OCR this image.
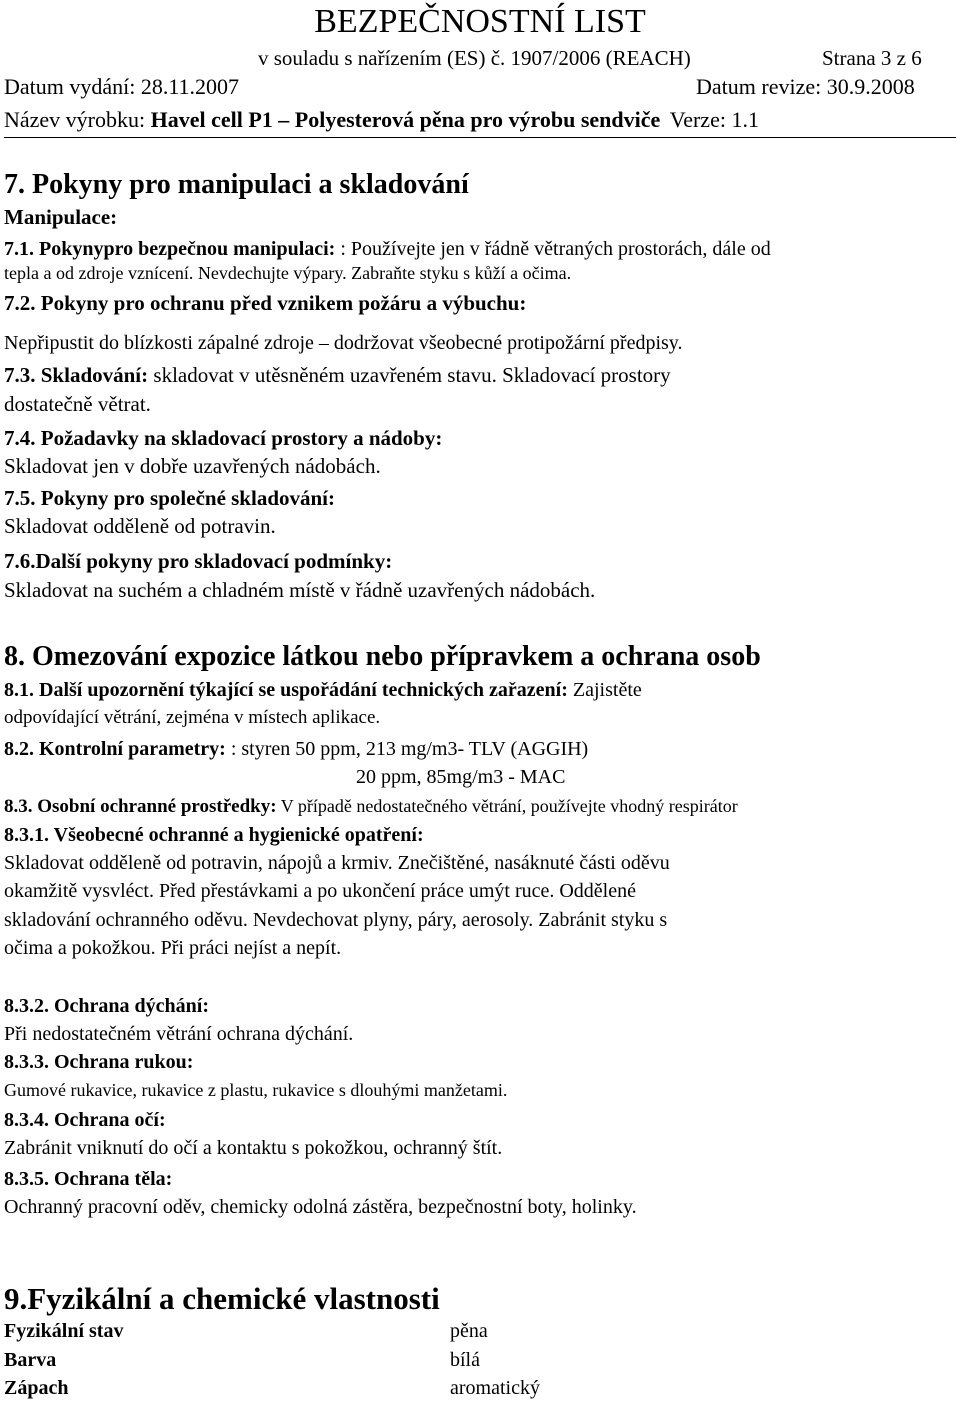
BEZPEČNOSTNÍ LIST
v souladu s nařízením (ES) č. 1907/2006 (REACH)	Strana 3 z 6
Datum vydání: 28.11.2007	Datum revize: 30.9.2008
Název výrobku: Havel cell P1 – Polyesterová pěna pro výrobu sendviče Verze: 1.1
7. Pokyny pro manipulaci a skladování
Manipulace:
7.1. Pokynypro bezpečnou manipulaci: : Používejte jen v řádně větraných prostorách, dále od
tepla a od zdroje vznícení. Nevdechujte výpary. Zabraňte styku s kůží a očima.
7.2. Pokyny pro ochranu před vznikem požáru a výbuchu:
Nepřipustit do blízkosti zápalné zdroje – dodržovat všeobecné protipožární předpisy.
7.3. Skladování: skladovat v utěsněném uzavřeném stavu. Skladovací prostory
dostatečně větrat.
7.4. Požadavky na skladovací prostory a nádoby:
Skladovat jen v dobře uzavřených nádobách.
7.5. Pokyny pro společné skladování:
Skladovat odděleně od potravin.
7.6.Další pokyny pro skladovací podmínky:
Skladovat na suchém a chladném místě v řádně uzavřených nádobách.
8. Omezování expozice látkou nebo přípravkem a ochrana osob
8.1. Další upozornění týkající se uspořádání technických zařazení: Zajistěte
odpovídající větrání, zejména v místech aplikace.
8.2. Kontrolní parametry: : styren 50 ppm, 213 mg/m3- TLV (AGGIH)
20 ppm, 85mg/m3 - MAC
8.3. Osobní ochranné prostředky: V případě nedostatečného větrání, používejte vhodný respirátor
8.3.1. Všeobecné ochranné a hygienické opatření:
Skladovat odděleně od potravin, nápojů a krmiv. Znečištěné, nasáknuté části oděvu
okamžitě vysvléct. Před přestávkami a po ukončení práce umýt ruce. Oddělené
skladování ochranného oděvu. Nevdechovat plyny, páry, aerosoly. Zabránit styku s
očima a pokožkou. Při práci nejíst a nepít.
8.3.2. Ochrana dýchání:
Při nedostatečném větrání ochrana dýchání.
8.3.3. Ochrana rukou:
Gumové rukavice, rukavice z plastu, rukavice s dlouhými manžetami.
8.3.4. Ochrana očí:
Zabránit vniknutí do očí a kontaktu s pokožkou, ochranný štít.
8.3.5. Ochrana těla:
Ochranný pracovní oděv, chemicky odolná zástěra, bezpečnostní boty, holinky.
9.Fyzikální a chemické vlastnosti
Fyzikální stav	pěna
Barva	bílá
Zápach	aromatický
